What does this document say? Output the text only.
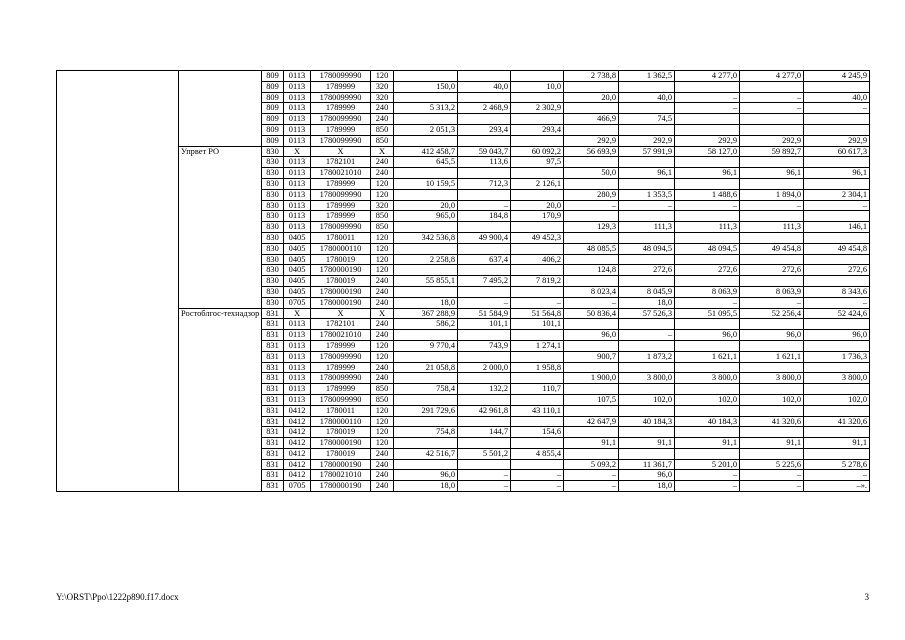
		809	0113	1780099990	120				2 738,8	1 362,5	4 277,0	4 277,0	4 245,9
		809	0113	1789999	320	150,0	40,0	10,0					
		809	0113	1780099990	320				20,0	40,0	–	–	40,0
		809	0113	1789999	240	5 313,2	2 468,9	2 302,9			–	–	–
		809	0113	1780099990	240				466,9	74,5			
		809	0113	1789999	850	2 051,3	293,4	293,4					
		809	0113	1780099990	850				292,9	292,9	292,9	292,9	292,9
	Упрвет РО	830	Х	Х	Х	412 458,7	59 043,7	60 092,2	56 693,9	57 991,9	58 127,0	59 892,7	60 617,3
		830	0113	1782101	240	645,5	113,6	97,5					
		830	0113	1780021010	240				50,0	96,1	96,1	96,1	96,1
		830	0113	1789999	120	10 159,5	712,3	2 126,1					
		830	0113	1780099990	120				280,9	1 353,5	1 488,6	1 894,0	2 304,1
		830	0113	1789999	320	20,0	–	20,0	–	–	–	–	–
		830	0113	1789999	850	965,0	184,8	170,9					
		830	0113	1780099990	850				129,3	111,3	111,3	111,3	146,1
		830	0405	1780011	120	342 536,8	49 900,4	49 452,3					
		830	0405	1780000110	120				48 085,5	48 094,5	48 094,5	49 454,8	49 454,8
		830	0405	1780019	120	2 258,8	637,4	406,2					
		830	0405	1780000190	120				124,8	272,6	272,6	272,6	272,6
		830	0405	1780019	240	55 855,1	7 495,2	7 819,2					
		830	0405	1780000190	240				8 023,4	8 045,9	8 063,9	8 063,9	8 343,6
		830	0705	1780000190	240	18,0	–	–	–	18,0	–	–	–
	Ростоблгос-технадзор	831	Х	Х	Х	367 288,9	51 584,9	51 564,8	50 836,4	57 526,3	51 095,5	52 256,4	52 424,6
		831	0113	1782101	240	586,2	101,1	101,1					
		831	0113	1780021010	240				96,0	–	96,0	96,0	96,0
		831	0113	1789999	120	9 770,4	743,9	1 274,1					
		831	0113	1780099990	120				900,7	1 873,2	1 621,1	1 621,1	1 736,3
		831	0113	1789999	240	21 058,8	2 000,0	1 958,8					
		831	0113	1780099990	240				1 900,0	3 800,0	3 800,0	3 800,0	3 800,0
		831	0113	1789999	850	758,4	132,2	110,7					
		831	0113	1780099990	850				107,5	102,0	102,0	102,0	102,0
		831	0412	1780011	120	291 729,6	42 961,8	43 110,1					
		831	0412	1780000110	120				42 647,9	40 184,3	40 184,3	41 320,6	41 320,6
		831	0412	1780019	120	754,8	144,7	154,6					
		831	0412	1780000190	120				91,1	91,1	91,1	91,1	91,1
		831	0412	1780019	240	42 516,7	5 501,2	4 855,4					
		831	0412	1780000190	240				5 093,2	11 361,7	5 201,0	5 225,6	5 278,6
		831	0412	1780021010	240	96,0	–	–	–	96,0	–	–	–
		831	0705	1780000190	240	18,0	–	–	–	18,0	–	–	–».
Y:\ORST\Ppo\1222p890.f17.docx	3
